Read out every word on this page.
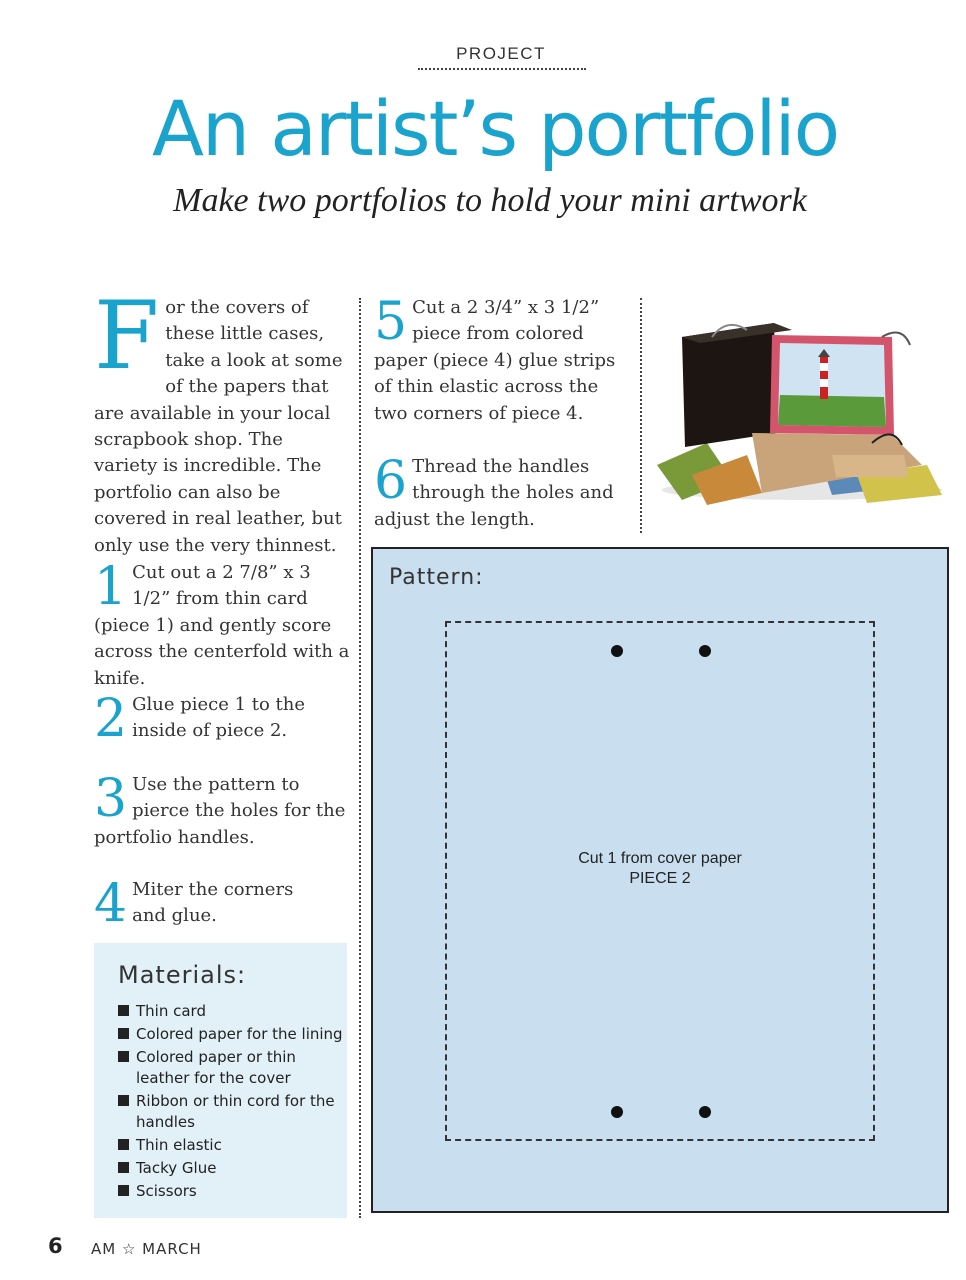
PROJECT
An artist’s portfolio
Make two portfolios to hold your mini artwork
F or the covers of these little cases, take a look at some of the papers that are available in your local scrapbook shop. The variety is incredible. The portfolio can also be covered in real leather, but only use the very thinnest.
1 Cut out a 2 7/8” x 3 1/2” from thin card (piece 1) and gently score across the centerfold with a knife.
2 Glue piece 1 to the inside of piece 2.
3 Use the pattern to pierce the holes for the portfolio handles.
4 Miter the corners and glue.
5 Cut a 2 3/4” x 3 1/2” piece from colored paper (piece 4) glue strips of thin elastic across the two corners of piece 4.
6 Thread the handles through the holes and adjust the length.
Materials:
Thin card
Colored paper for the lining
Colored paper or thin leather for the cover
Ribbon or thin cord for the handles
Thin elastic
Tacky Glue
Scissors
Pattern:
Cut 1 from cover paper
PIECE 2
6 AM ☆ MARCH
